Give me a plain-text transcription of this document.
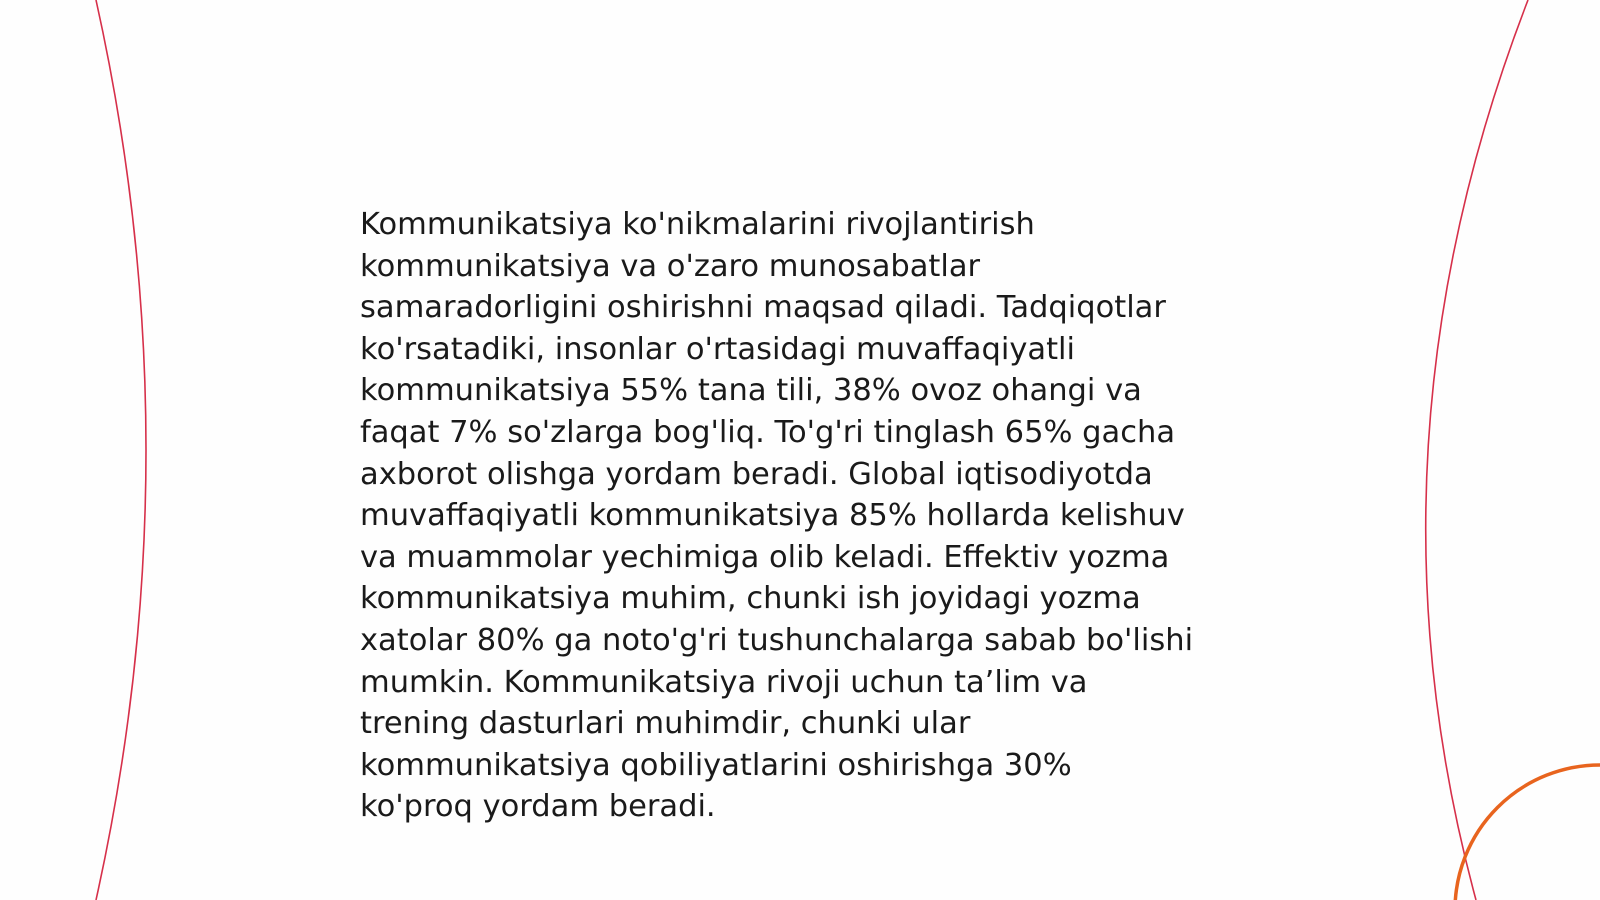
Kommunikatsiya ko'nikmalarini rivojlantirish
kommunikatsiya va o'zaro munosabatlar
samaradorligini oshirishni maqsad qiladi. Tadqiqotlar
ko'rsatadiki, insonlar o'rtasidagi muvaffaqiyatli
kommunikatsiya 55% tana tili, 38% ovoz ohangi va
faqat 7% so'zlarga bog'liq. To'g'ri tinglash 65% gacha
axborot olishga yordam beradi. Global iqtisodiyotda
muvaffaqiyatli kommunikatsiya 85% hollarda kelishuv
va muammolar yechimiga olib keladi. Effektiv yozma
kommunikatsiya muhim, chunki ish joyidagi yozma
xatolar 80% ga noto'g'ri tushunchalarga sabab bo'lishi
mumkin. Kommunikatsiya rivoji uchun ta’lim va
trening dasturlari muhimdir, chunki ular
kommunikatsiya qobiliyatlarini oshirishga 30%
ko'proq yordam beradi.
